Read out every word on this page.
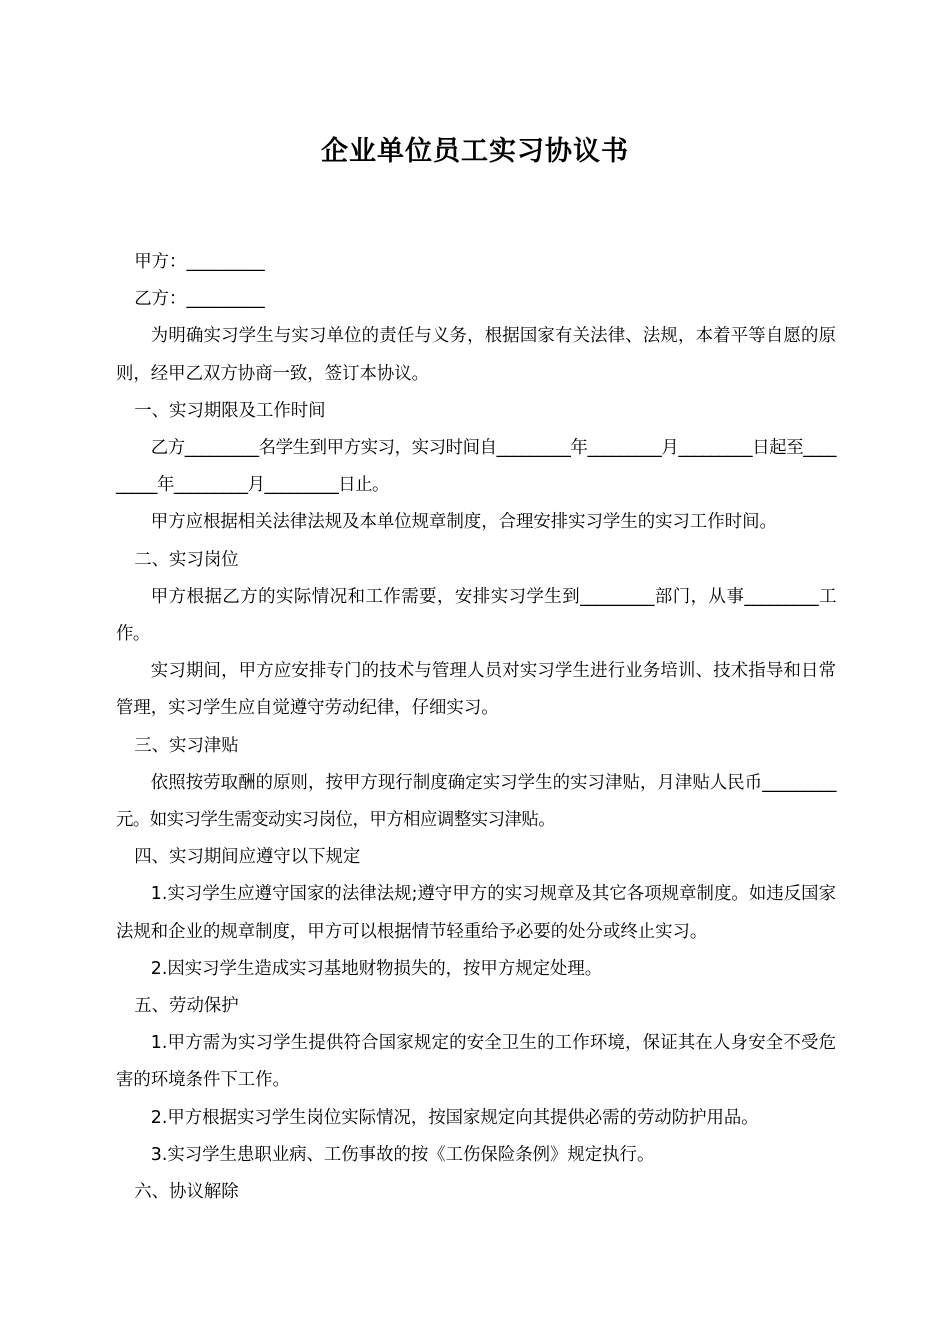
企业单位员工实习协议书

甲方：_________

乙方：_________

为明确实习学生与实习单位的责任与义务，根据国家有关法律、法规，本着平等自愿的原则，经甲乙双方协商一致，签订本协议。

一、实习期限及工作时间

乙方_________名学生到甲方实习，实习时间自_________年_________月_________日起至_________年_________月_________日止。

甲方应根据相关法律法规及本单位规章制度，合理安排实习学生的实习工作时间。

二、实习岗位

甲方根据乙方的实际情况和工作需要，安排实习学生到_________部门，从事_________工作。

实习期间，甲方应安排专门的技术与管理人员对实习学生进行业务培训、技术指导和日常管理，实习学生应自觉遵守劳动纪律，仔细实习。

三、实习津贴

依照按劳取酬的原则，按甲方现行制度确定实习学生的实习津贴，月津贴人民币_________元。如实习学生需变动实习岗位，甲方相应调整实习津贴。

四、实习期间应遵守以下规定

1.实习学生应遵守国家的法律法规;遵守甲方的实习规章及其它各项规章制度。如违反国家法规和企业的规章制度，甲方可以根据情节轻重给予必要的处分或终止实习。

2.因实习学生造成实习基地财物损失的，按甲方规定处理。

五、劳动保护

1.甲方需为实习学生提供符合国家规定的安全卫生的工作环境，保证其在人身安全不受危害的环境条件下工作。

2.甲方根据实习学生岗位实际情况，按国家规定向其提供必需的劳动防护用品。

3.实习学生患职业病、工伤事故的按《工伤保险条例》规定执行。

六、协议解除
